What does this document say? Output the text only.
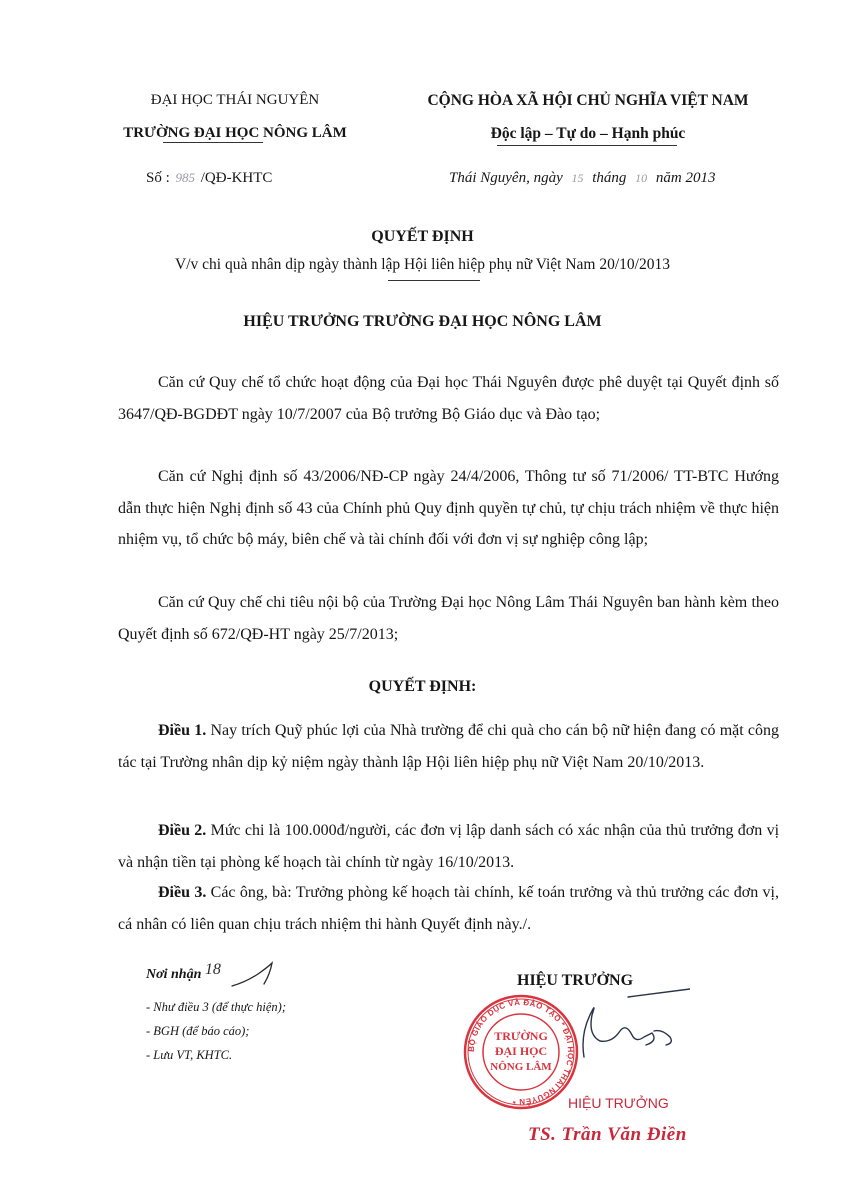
ĐẠI HỌC THÁI NGUYÊN
TRƯỜNG ĐẠI HỌC NÔNG LÂM
Số : 985 /QĐ-KHTC
CỘNG HÒA XÃ HỘI CHỦ NGHĨA VIỆT NAM
Độc lập – Tự do – Hạnh phúc
Thái Nguyên, ngày 15 tháng 10 năm 2013
QUYẾT ĐỊNH
V/v chi quà nhân dịp ngày thành lập Hội liên hiệp phụ nữ Việt Nam 20/10/2013
HIỆU TRƯỞNG TRƯỜNG ĐẠI HỌC NÔNG LÂM
Căn cứ Quy chế tổ chức hoạt động của Đại học Thái Nguyên được phê duyệt tại Quyết định số 3647/QĐ-BGDĐT ngày 10/7/2007 của Bộ trưởng Bộ Giáo dục và Đào tạo;
Căn cứ Nghị định số 43/2006/NĐ-CP ngày 24/4/2006, Thông tư số 71/2006/ TT-BTC Hướng dẫn thực hiện Nghị định số 43 của Chính phủ Quy định quyền tự chủ, tự chịu trách nhiệm về thực hiện nhiệm vụ, tổ chức bộ máy, biên chế và tài chính đối với đơn vị sự nghiệp công lập;
Căn cứ Quy chế chi tiêu nội bộ của Trường Đại học Nông Lâm Thái Nguyên ban hành kèm theo Quyết định số 672/QĐ-HT ngày 25/7/2013;
QUYẾT ĐỊNH:
Điều 1. Nay trích Quỹ phúc lợi của Nhà trường để chi quà cho cán bộ nữ hiện đang có mặt công tác tại Trường nhân dịp kỷ niệm ngày thành lập Hội liên hiệp phụ nữ Việt Nam 20/10/2013.
Điều 2. Mức chi là 100.000đ/người, các đơn vị lập danh sách có xác nhận của thủ trưởng đơn vị và nhận tiền tại phòng kế hoạch tài chính từ ngày 16/10/2013.
Điều 3. Các ông, bà: Trưởng phòng kế hoạch tài chính, kế toán trưởng và thủ trưởng các đơn vị, cá nhân có liên quan chịu trách nhiệm thi hành Quyết định này./.
Nơi nhận 18
- Như điều 3 (để thực hiện);
- BGH (để báo cáo);
- Lưu VT, KHTC.
HIỆU TRƯỞNG
BỘ GIÁO DỤC VÀ ĐÀO TẠO * ĐẠI HỌC THÁI NGUYÊN *
TRƯỜNG
ĐẠI HỌC
NÔNG LÂM
HIỆU TRƯỞNG
TS. Trần Văn Điền
